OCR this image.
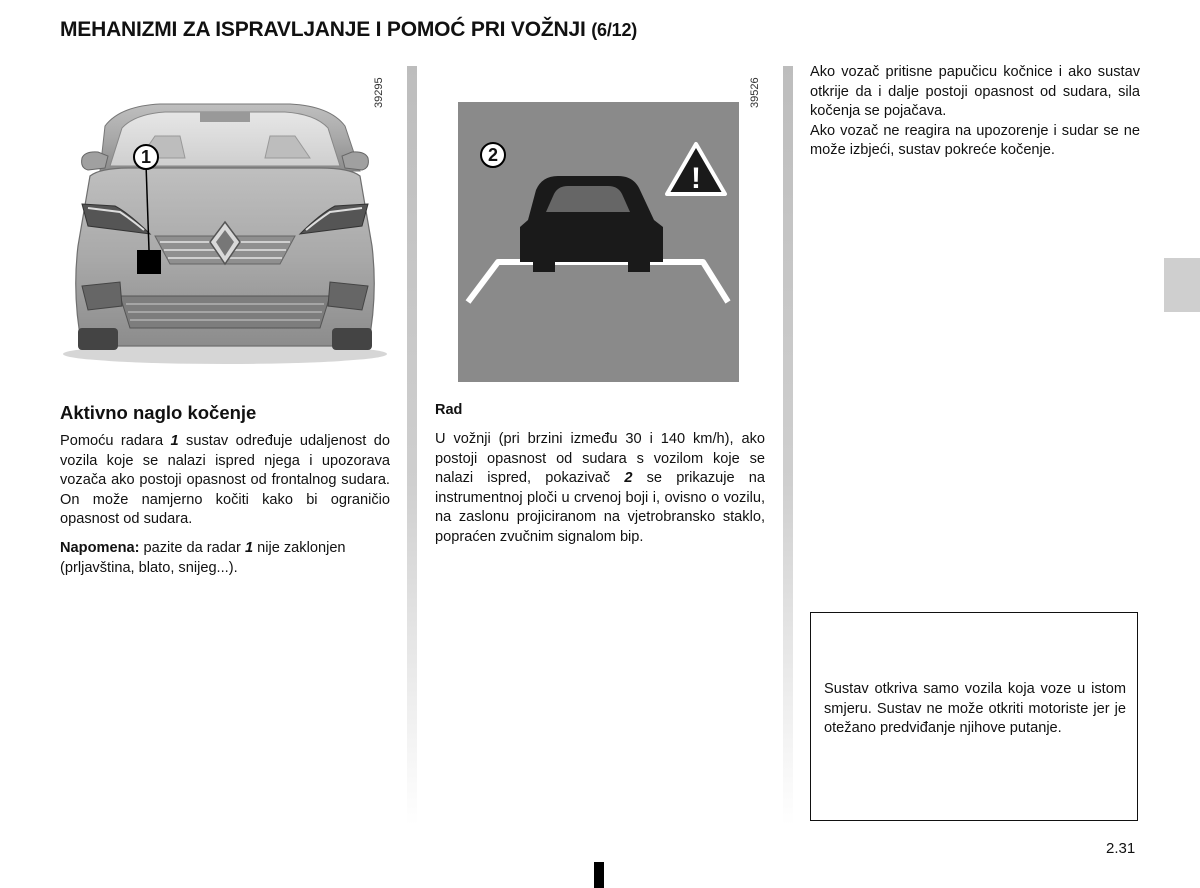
MEHANIZMI ZA ISPRAVLJANJE I POMOĆ PRI VOŽNJI (6/12)
1
39295
!
2
39526
Aktivno naglo kočenje

Pomoću radara 1 sustav određuje udaljenost do vozila koje se nalazi ispred njega i upozorava vozača ako postoji opasnost od frontalnog sudara. On može namjerno kočiti kako bi ograničio opasnost od sudara.

Napomena: pazite da radar 1 nije zaklonjen (prljavština, blato, snijeg...).

Rad

U vožnji (pri brzini između 30 i 140 km/h), ako postoji opasnost od sudara s vozilom koje se nalazi ispred, pokazivač 2 se prikazuje na instrumentnoj ploči u crvenoj boji i, ovisno o vozilu, na zaslonu projiciranom na vjetrobransko staklo, popraćen zvučnim signalom bip.

Ako vozač pritisne papučicu kočnice i ako sustav otkrije da i dalje postoji opasnost od sudara, sila kočenja se pojačava.

Ako vozač ne reagira na upozorenje i sudar se ne može izbjeći, sustav pokreće kočenje.

Sustav otkriva samo vozila koja voze u istom smjeru. Sustav ne može otkriti motoriste jer je otežano predviđanje njihove putanje.
2.31
